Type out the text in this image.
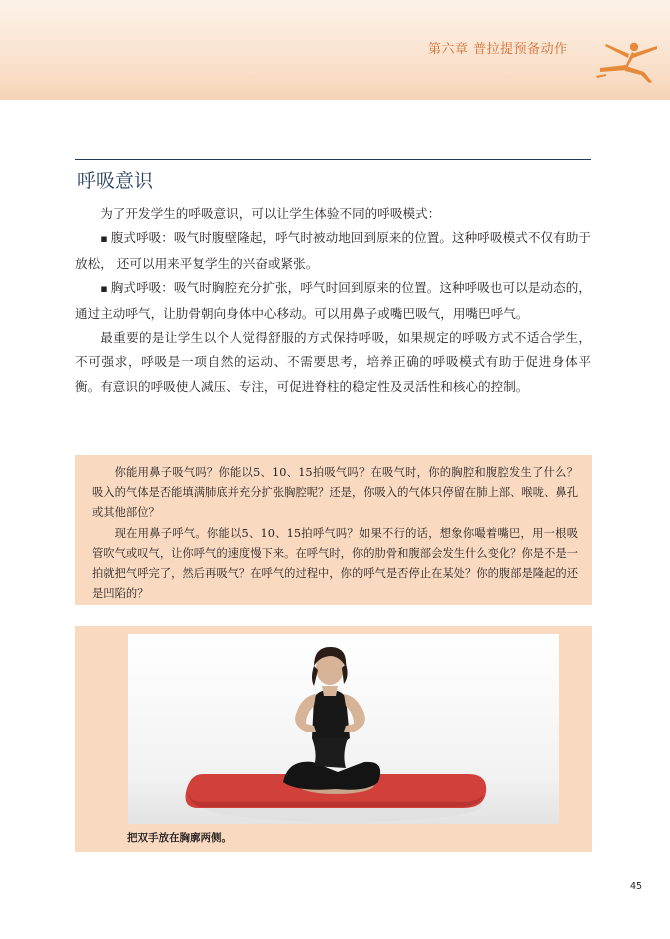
第六章 普拉提预备动作
呼吸意识

为了开发学生的呼吸意识，可以让学生体验不同的呼吸模式：

▪ 腹式呼吸：吸气时腹壁隆起，呼气时被动地回到原来的位置。这种呼吸模式不仅有助于放松， 还可以用来平复学生的兴奋或紧张。

▪ 胸式呼吸：吸气时胸腔充分扩张，呼气时回到原来的位置。这种呼吸也可以是动态的，通过主动呼气，让肋骨朝向身体中心移动。可以用鼻子或嘴巴吸气，用嘴巴呼气。

最重要的是让学生以个人觉得舒服的方式保持呼吸，如果规定的呼吸方式不适合学生，不可强求，呼吸是一项自然的运动、不需要思考，培养正确的呼吸模式有助于促进身体平衡。有意识的呼吸使人减压、专注，可促进脊柱的稳定性及灵活性和核心的控制。

你能用鼻子吸气吗？你能以5、10、15拍吸气吗？在吸气时，你的胸腔和腹腔发生了什么？吸入的气体是否能填满肺底并充分扩张胸腔呢？还是，你吸入的气体只停留在肺上部、喉咙、鼻孔或其他部位？

现在用鼻子呼气。你能以5、10、15拍呼气吗？如果不行的话，想象你嘬着嘴巴，用一根吸管吹气或叹气，让你呼气的速度慢下来。在呼气时，你的肋骨和腹部会发生什么变化？你是不是一拍就把气呼完了，然后再吸气？在呼气的过程中，你的呼气是否停止在某处？你的腹部是隆起的还是凹陷的？

把双手放在胸廓两侧。
45
